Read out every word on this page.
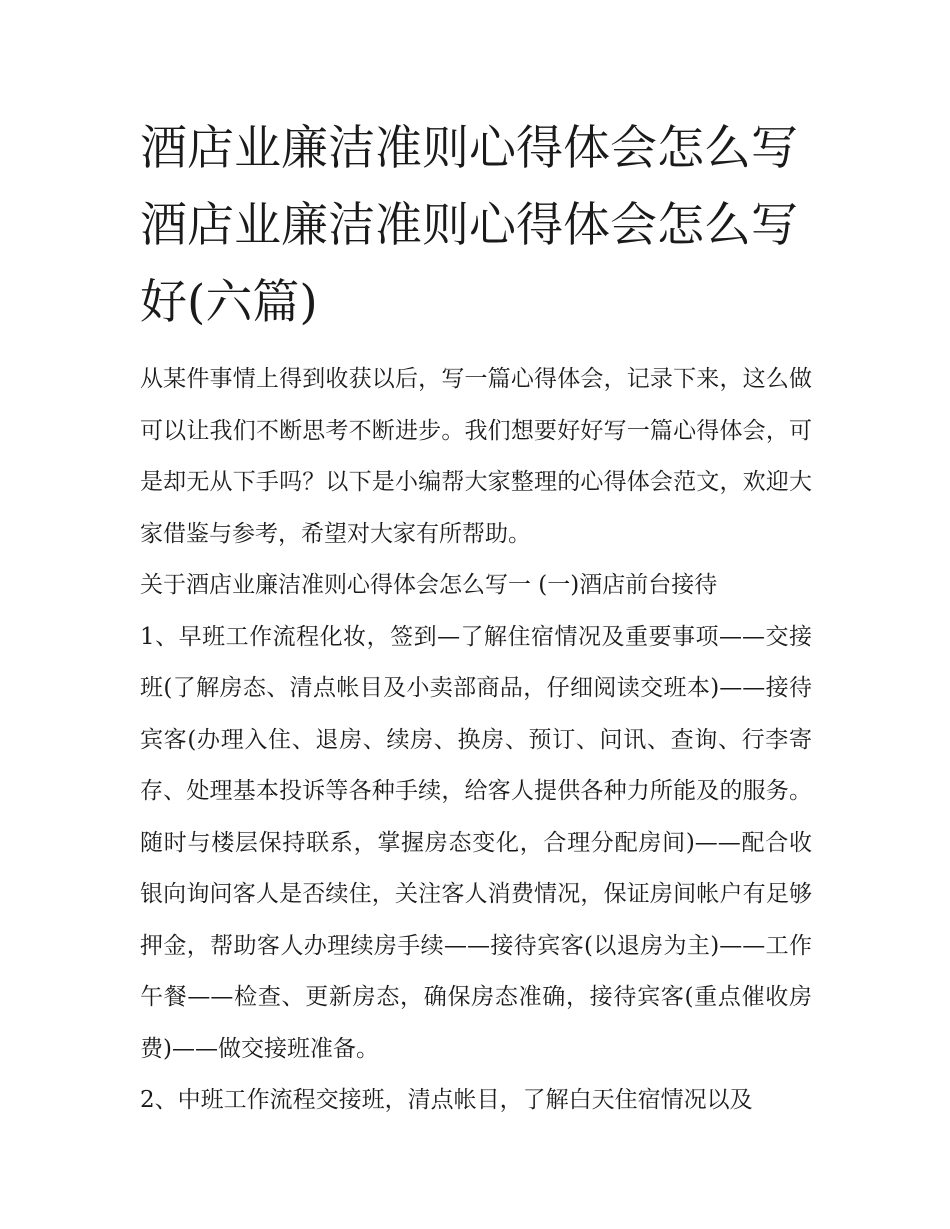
酒店业廉洁准则心得体会怎么写 酒店业廉洁准则心得体会怎么写好(六篇)

从某件事情上得到收获以后，写一篇心得体会，记录下来，这么做可以让我们不断思考不断进步。我们想要好好写一篇心得体会，可是却无从下手吗？以下是小编帮大家整理的心得体会范文，欢迎大家借鉴与参考，希望对大家有所帮助。

关于酒店业廉洁准则心得体会怎么写一 (一)酒店前台接待

1、早班工作流程化妆，签到—了解住宿情况及重要事项——交接班(了解房态、清点帐目及小卖部商品，仔细阅读交班本)——接待宾客(办理入住、退房、续房、换房、预订、问讯、查询、行李寄存、处理基本投诉等各种手续，给客人提供各种力所能及的服务。随时与楼层保持联系，掌握房态变化，合理分配房间)——配合收银向询问客人是否续住，关注客人消费情况，保证房间帐户有足够押金，帮助客人办理续房手续——接待宾客(以退房为主)——工作午餐——检查、更新房态，确保房态准确，接待宾客(重点催收房费)——做交接班准备。

2、中班工作流程交接班，清点帐目，了解白天住宿情况以及
